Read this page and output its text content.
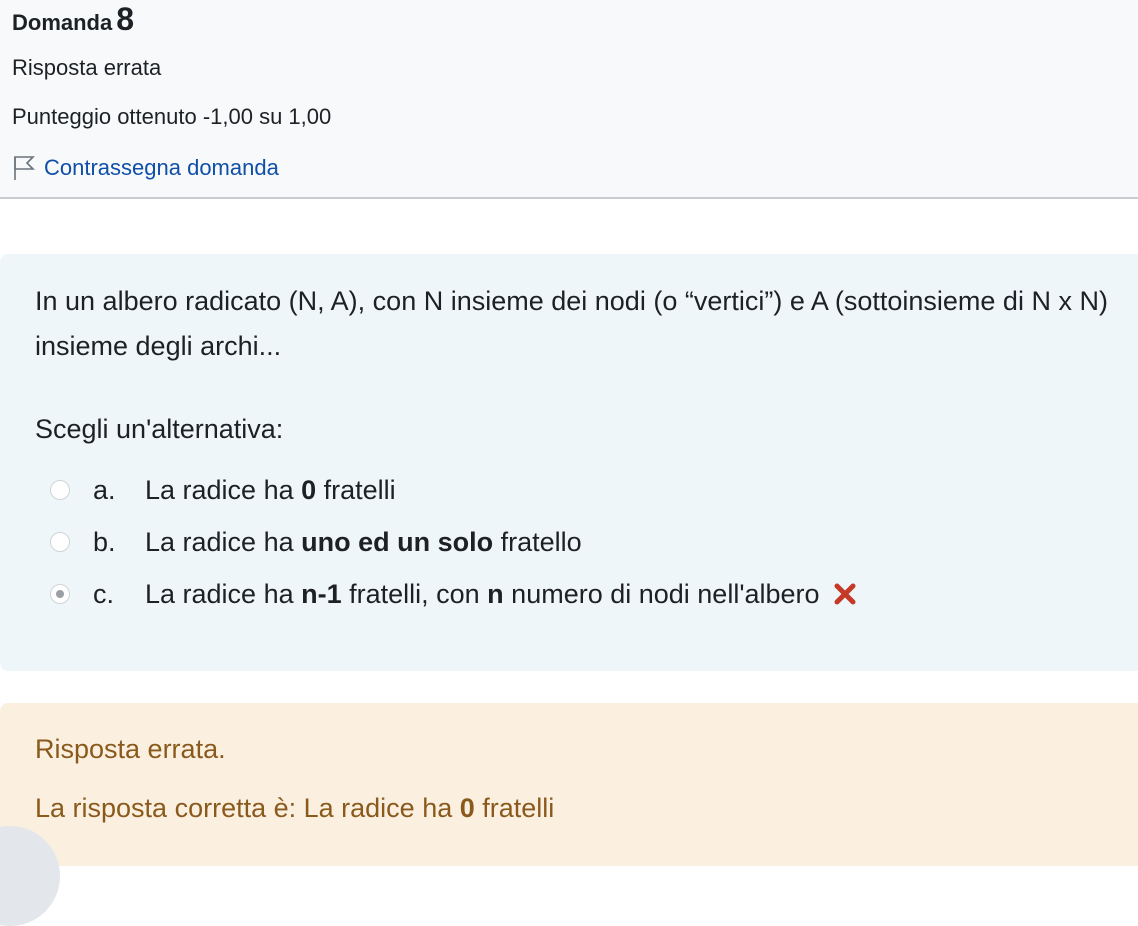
Domanda 8
Risposta errata
Punteggio ottenuto -1,00 su 1,00
Contrassegna domanda
In un albero radicato (N, A), con N insieme dei nodi (o “vertici”) e A (sottoinsieme di N x N) insieme degli archi...
Scegli un'alternativa:
a.	La radice ha 0 fratelli
b.	La radice ha uno ed un solo fratello
c.	La radice ha n-1 fratelli, con n numero di nodi nell'albero
Risposta errata.
La risposta corretta è: La radice ha 0 fratelli
